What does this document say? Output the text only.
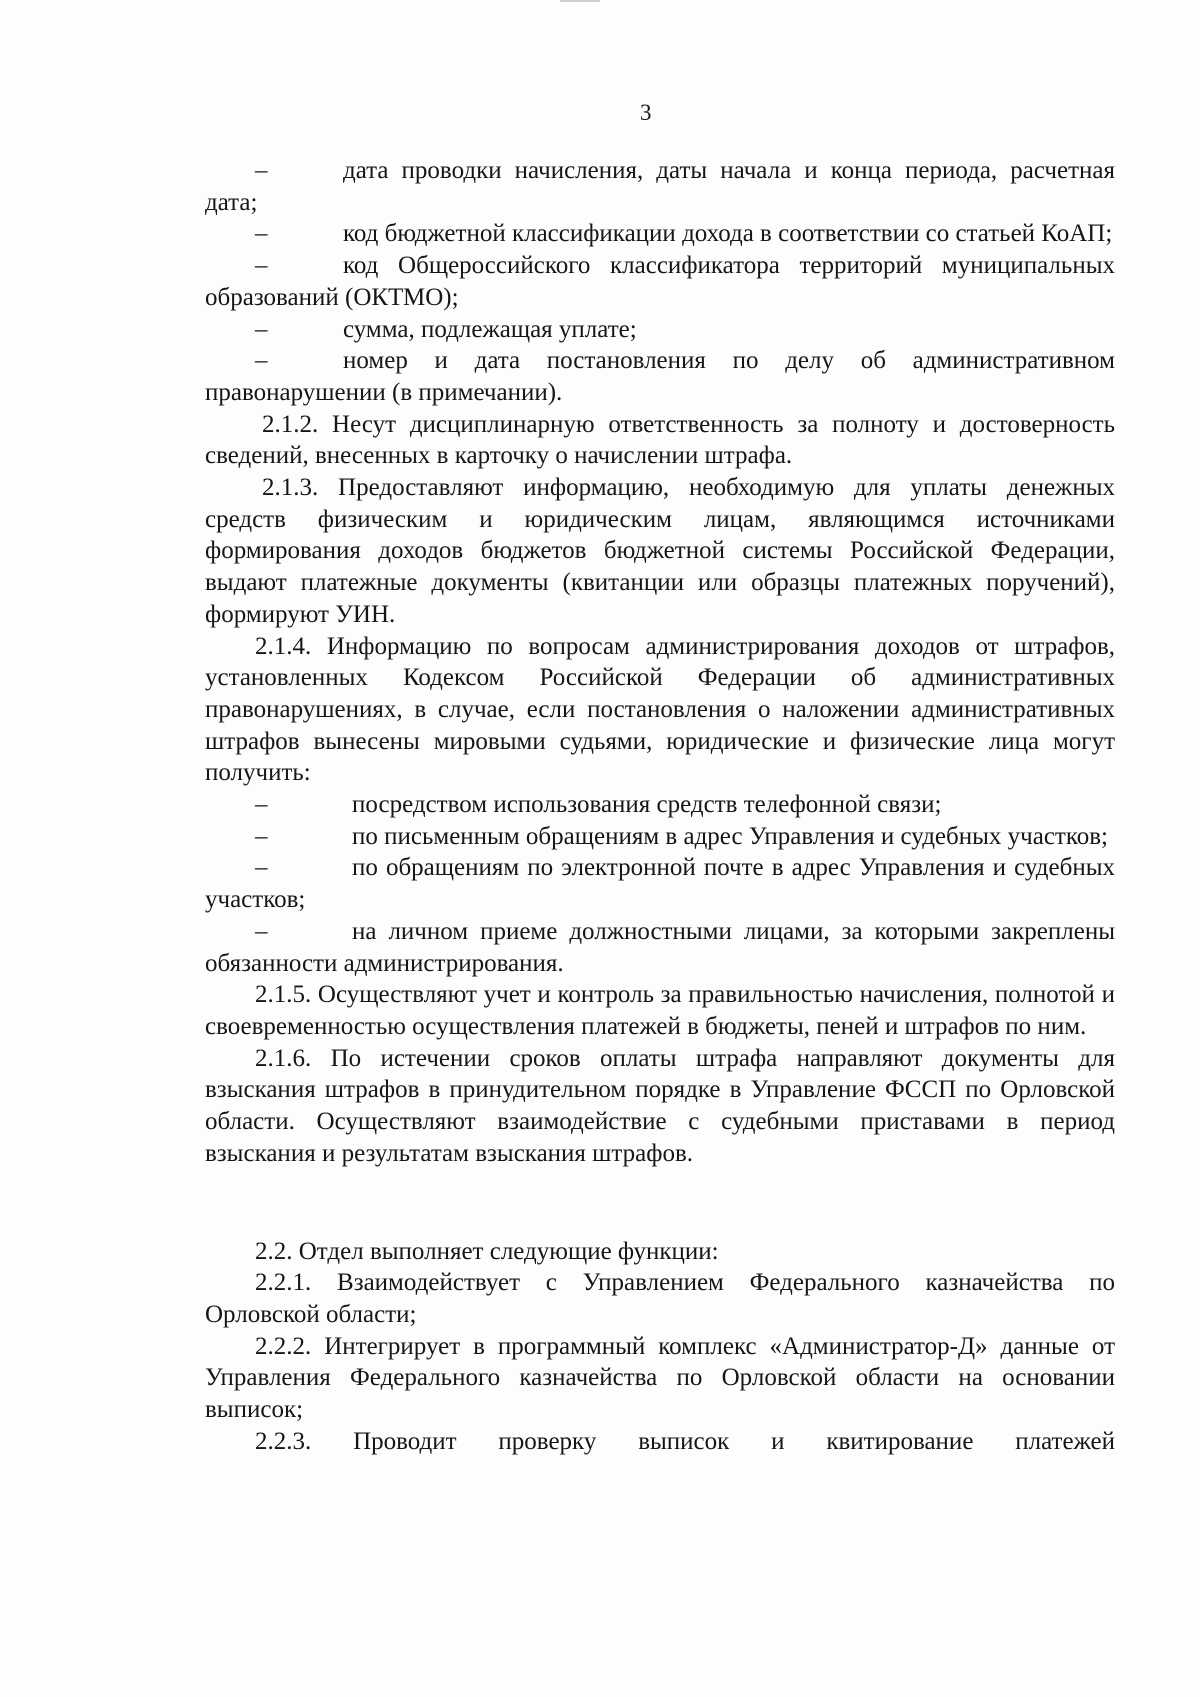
3

–	дата проводки начисления, даты начала и конца периода, расчетная дата;

–	код бюджетной классификации дохода в соответствии со статьей КоАП;

–	код Общероссийского классификатора территорий муниципальных образований (ОКТМО);

–	сумма, подлежащая уплате;

–	номер и дата постановления по делу об административном правонарушении (в примечании).

2.1.2. Несут дисциплинарную ответственность за полноту и достоверность сведений, внесенных в карточку о начислении штрафа.

2.1.3. Предоставляют информацию, необходимую для уплаты денежных средств физическим и юридическим лицам, являющимся источниками формирования доходов бюджетов бюджетной системы Российской Федерации, выдают платежные документы (квитанции или образцы платежных поручений), формируют УИН.

2.1.4. Информацию по вопросам администрирования доходов от штрафов, установленных Кодексом Российской Федерации об административных правонарушениях, в случае, если постановления о наложении административных штрафов вынесены мировыми судьями, юридические и физические лица могут получить:

–	посредством использования средств телефонной связи;

–	по письменным обращениям в адрес Управления и судебных участков;

–	по обращениям по электронной почте в адрес Управления и судебных участков;

–	на личном приеме должностными лицами, за которыми закреплены обязанности администрирования.

2.1.5. Осуществляют учет и контроль за правильностью начисления, полнотой и своевременностью осуществления платежей в бюджеты, пеней и штрафов по ним.

2.1.6. По истечении сроков оплаты штрафа направляют документы для взыскания штрафов в принудительном порядке в Управление ФССП по Орловской области. Осуществляют взаимодействие с судебными приставами в период взыскания и результатам взыскания штрафов.

2.2. Отдел выполняет следующие функции:

2.2.1. Взаимодействует с Управлением Федерального казначейства по Орловской области;

2.2.2. Интегрирует в программный комплекс «Администратор-Д» данные от Управления Федерального казначейства по Орловской области на основании выписок;

2.2.3. Проводит проверку выписок и квитирование платежей
